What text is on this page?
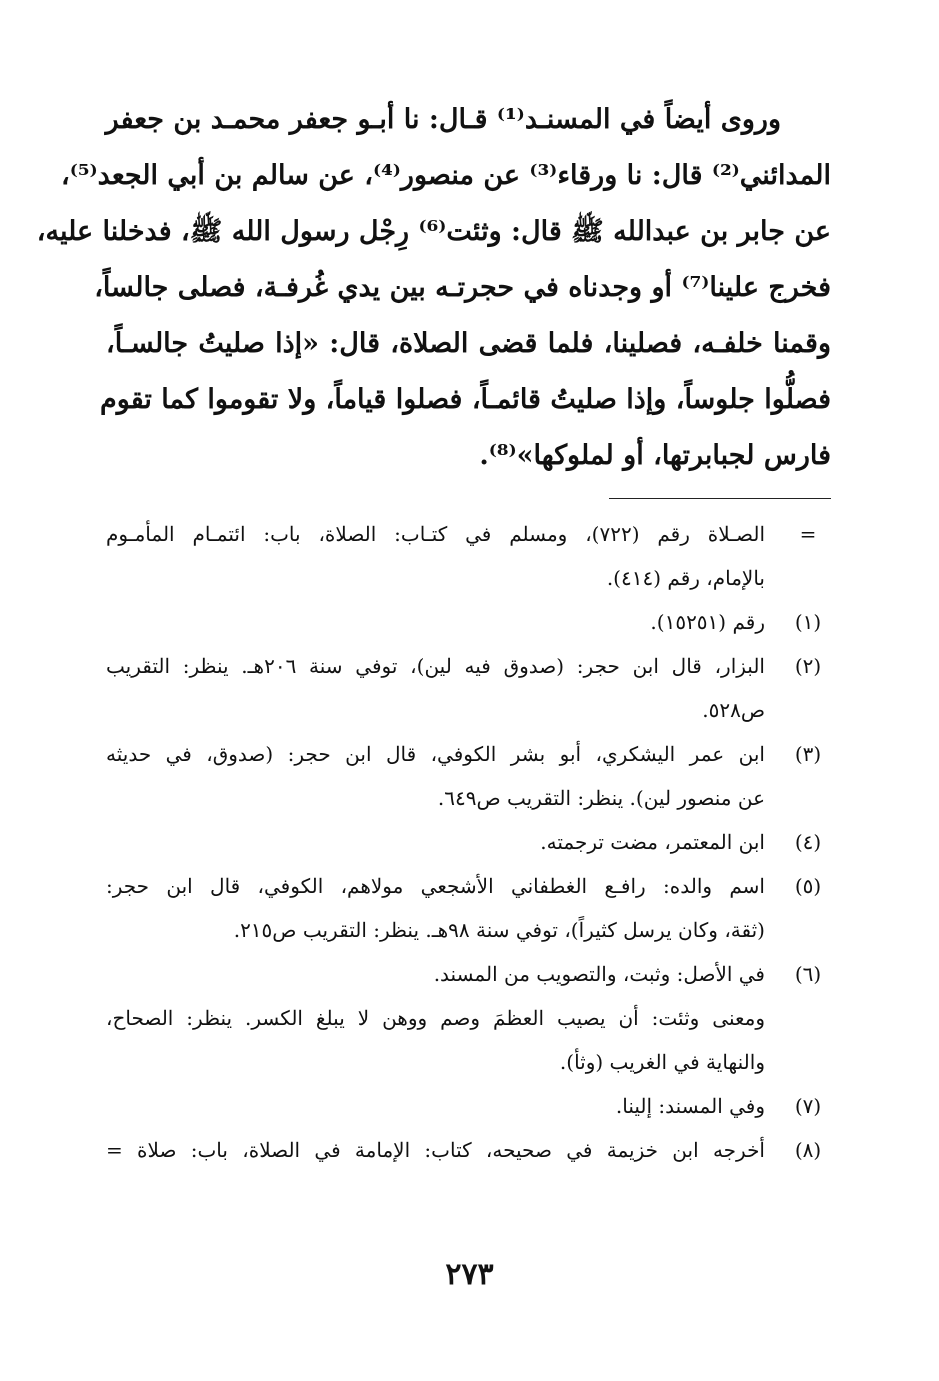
وروى أيضاً في المسنـد⁽¹⁾ قـال: نا أبـو جعفر محمـد بن جعفر
المدائني⁽²⁾ قال: نا ورقاء⁽³⁾ عن منصور⁽⁴⁾، عن سالم بن أبي الجعد⁽⁵⁾،
عن جابر بن عبدالله ﷺ قال: وثئت⁽⁶⁾ رِجْل رسول الله ﷺ، فدخلنا عليه،
فخرج علينا⁽⁷⁾ أو وجدناه في حجرتـه بين يدي غُرفـة، فصلى جالساً،
وقمنا خلفـه، فصلينا، فلما قضى الصلاة، قال: «إذا صليتُ جالسـاً،
فصلُّوا جلوساً، وإذا صليتُ قائمـاً، فصلوا قياماً، ولا تقوموا كما تقوم
فارس لجبابرتها، أو لملوكها»⁽⁸⁾.
=
الصـلاة رقم (٧٢٢)، ومسلم في كتـاب: الصلاة، باب: ائتمـام المأمـوم
بالإمام، رقم (٤١٤).
(١)
رقم (١٥٢٥١).
(٢)
البزار، قال ابن حجر: (صدوق فيه لين)، توفي سنة ٢٠٦هـ. ينظر: التقريب
ص٥٢٨.
(٣)
ابن عمر اليشكري، أبو بشر الكوفي، قال ابن حجر: (صدوق، في حديثه
عن منصور لين). ينظر: التقريب ص٦٤٩.
(٤)
ابن المعتمر، مضت ترجمته.
(٥)
اسم والده: رافـع الغطفاني الأشجعي مولاهم، الكوفي، قال ابن حجر:
(ثقة، وكان يرسل كثيراً)، توفي سنة ٩٨هـ. ينظر: التقريب ص٢١٥.
(٦)
في الأصل: وثبت، والتصويب من المسند.
ومعنى وثئت: أن يصيب العظمَ وصم ووهن لا يبلغ الكسر. ينظر: الصحاح،
والنهاية في الغريب (وثأ).
(٧)
وفي المسند: إلينا.
(٨)
أخرجه ابن خزيمة في صحيحه، كتاب: الإمامة في الصلاة، باب: صلاة =
٢٧٣
